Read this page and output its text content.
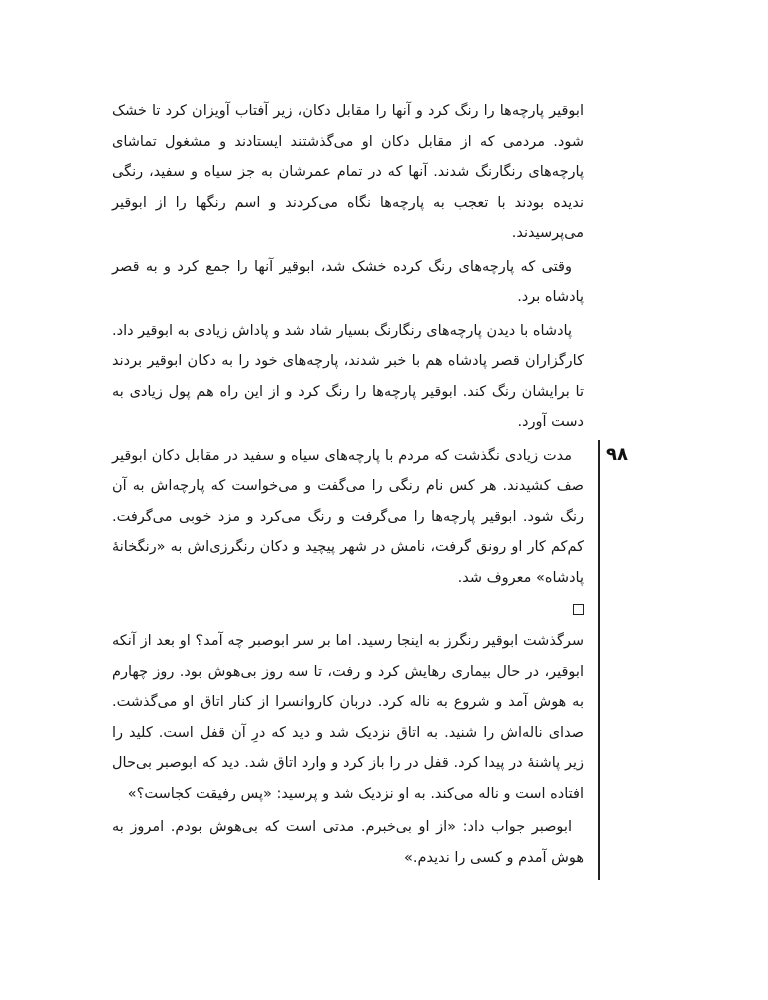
ابوقیر پارچه‌ها را رنگ کرد و آنها را مقابل دکان، زیر آفتاب آویزان کرد تا خشک شود. مردمی که از مقابل دکان او می‌گذشتند ایستادند و مشغول تماشای پارچه‌های رنگارنگ شدند. آنها که در تمام عمرشان به جز سیاه و سفید، رنگی ندیده بودند با تعجب به پارچه‌ها نگاه می‌کردند و اسم رنگها را از ابوقیر می‌پرسیدند.

وقتی که پارچه‌های رنگ کرده خشک شد، ابوقیر آنها را جمع کرد و به قصر پادشاه برد.

پادشاه با دیدن پارچه‌های رنگارنگ بسیار شاد شد و پاداش زیادی به ابوقیر داد. کارگزاران قصر پادشاه هم با خبر شدند، پارچه‌های خود را به دکان ابوقیر بردند تا برایشان رنگ کند. ابوقیر پارچه‌ها را رنگ کرد و از این راه هم پول زیادی به دست آورد.

مدت زیادی نگذشت که مردم با پارچه‌های سیاه و سفید در مقابل دکان ابوقیر صف کشیدند. هر کس نام رنگی را می‌گفت و می‌خواست که پارچه‌اش به آن رنگ شود. ابوقیر پارچه‌ها را می‌گرفت و رنگ می‌کرد و مزد خوبی می‌گرفت. کم‌کم کار او رونق گرفت، نامش در شهر پیچید و دکان رنگرزی‌اش به «رنگخانهٔ پادشاه» معروف شد.

سرگذشت ابوقیر رنگرز به اینجا رسید. اما بر سر ابوصبر چه آمد؟ او بعد از آنکه ابوقیر، در حال بیماری رهایش کرد و رفت، تا سه روز بی‌هوش بود. روز چهارم به هوش آمد و شروع به ناله کرد. دربان کاروانسرا از کنار اتاق او می‌گذشت. صدای ناله‌اش را شنید. به اتاق نزدیک شد و دید که درِ آن قفل است. کلید را زیر پاشنهٔ در پیدا کرد. قفل در را باز کرد و وارد اتاق شد. دید که ابوصبر بی‌حال افتاده است و ناله می‌کند. به او نزدیک شد و پرسید: «پس رفیقت کجاست؟»

ابوصبر جواب داد: «از او بی‌خبرم. مدتی است که بی‌هوش بودم. امروز به هوش آمدم و کسی را ندیدم.»

۹۸
